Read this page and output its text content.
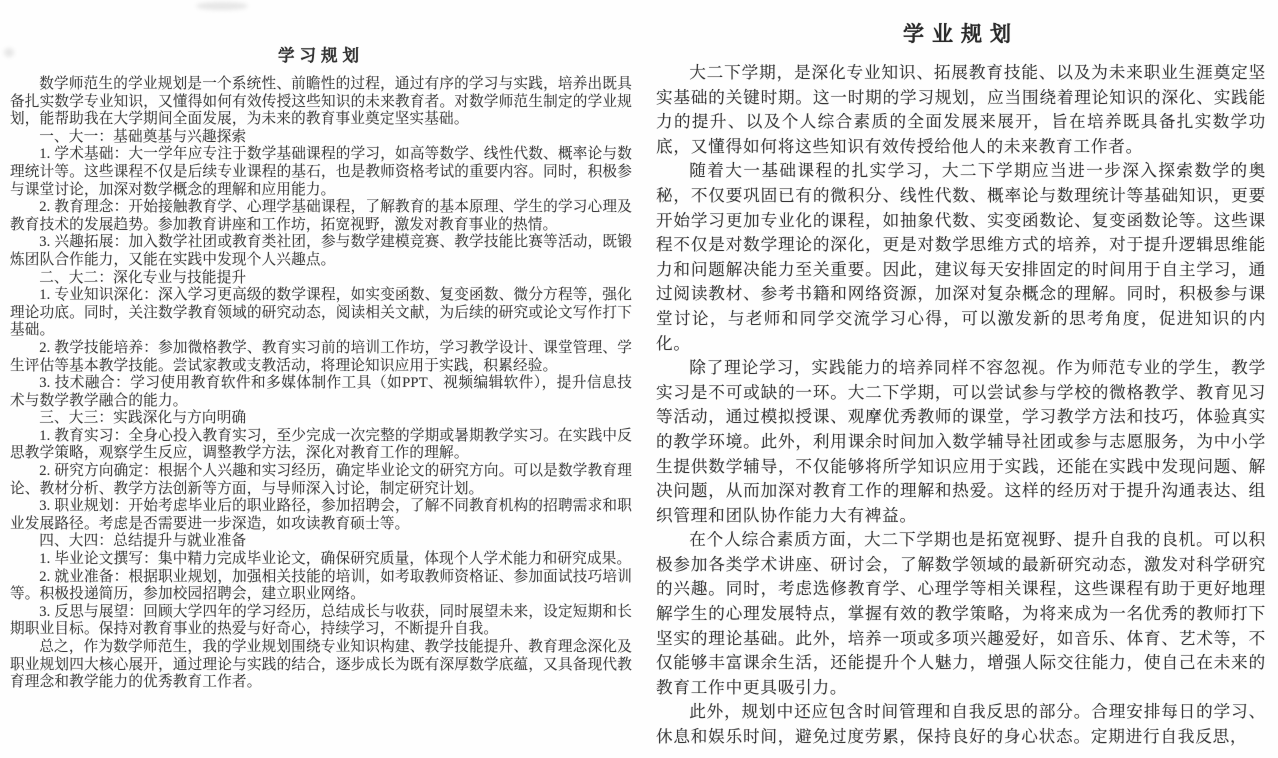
学习规划

数学师范生的学业规划是一个系统性、前瞻性的过程，通过有序的学习与实践，培养出既具备扎实数学专业知识，又懂得如何有效传授这些知识的未来教育者。对数学师范生制定的学业规划，能帮助我在大学期间全面发展，为未来的教育事业奠定坚实基础。

一、大一：基础奠基与兴趣探索

1. 学术基础：大一学年应专注于数学基础课程的学习，如高等数学、线性代数、概率论与数理统计等。这些课程不仅是后续专业课程的基石，也是教师资格考试的重要内容。同时，积极参与课堂讨论，加深对数学概念的理解和应用能力。

2. 教育理念：开始接触教育学、心理学基础课程，了解教育的基本原理、学生的学习心理及教育技术的发展趋势。参加教育讲座和工作坊，拓宽视野，激发对教育事业的热情。

3. 兴趣拓展：加入数学社团或教育类社团，参与数学建模竞赛、教学技能比赛等活动，既锻炼团队合作能力，又能在实践中发现个人兴趣点。

二、大二：深化专业与技能提升

1. 专业知识深化：深入学习更高级的数学课程，如实变函数、复变函数、微分方程等，强化理论功底。同时，关注数学教育领域的研究动态，阅读相关文献，为后续的研究或论文写作打下基础。

2. 教学技能培养：参加微格教学、教育实习前的培训工作坊，学习教学设计、课堂管理、学生评估等基本教学技能。尝试家教或支教活动，将理论知识应用于实践，积累经验。

3. 技术融合：学习使用教育软件和多媒体制作工具（如PPT、视频编辑软件），提升信息技术与数学教学融合的能力。

三、大三：实践深化与方向明确

1. 教育实习：全身心投入教育实习，至少完成一次完整的学期或暑期教学实习。在实践中反思教学策略，观察学生反应，调整教学方法，深化对教育工作的理解。

2. 研究方向确定：根据个人兴趣和实习经历，确定毕业论文的研究方向。可以是数学教育理论、教材分析、教学方法创新等方面，与导师深入讨论，制定研究计划。

3. 职业规划：开始考虑毕业后的职业路径，参加招聘会，了解不同教育机构的招聘需求和职业发展路径。考虑是否需要进一步深造，如攻读教育硕士等。

四、大四：总结提升与就业准备

1. 毕业论文撰写：集中精力完成毕业论文，确保研究质量，体现个人学术能力和研究成果。

2. 就业准备：根据职业规划，加强相关技能的培训，如考取教师资格证、参加面试技巧培训等。积极投递简历，参加校园招聘会，建立职业网络。

3. 反思与展望：回顾大学四年的学习经历，总结成长与收获，同时展望未来，设定短期和长期职业目标。保持对教育事业的热爱与好奇心，持续学习，不断提升自我。

总之，作为数学师范生，我的学业规划围绕专业知识构建、教学技能提升、教育理念深化及职业规划四大核心展开，通过理论与实践的结合，逐步成长为既有深厚数学底蕴，又具备现代教育理念和教学能力的优秀教育工作者。

学业规划

大二下学期，是深化专业知识、拓展教育技能、以及为未来职业生涯奠定坚实基础的关键时期。这一时期的学习规划，应当围绕着理论知识的深化、实践能力的提升、以及个人综合素质的全面发展来展开，旨在培养既具备扎实数学功底，又懂得如何将这些知识有效传授给他人的未来教育工作者。

随着大一基础课程的扎实学习，大二下学期应当进一步深入探索数学的奥秘，不仅要巩固已有的微积分、线性代数、概率论与数理统计等基础知识，更要开始学习更加专业化的课程，如抽象代数、实变函数论、复变函数论等。这些课程不仅是对数学理论的深化，更是对数学思维方式的培养，对于提升逻辑思维能力和问题解决能力至关重要。因此，建议每天安排固定的时间用于自主学习，通过阅读教材、参考书籍和网络资源，加深对复杂概念的理解。同时，积极参与课堂讨论，与老师和同学交流学习心得，可以激发新的思考角度，促进知识的内化。

除了理论学习，实践能力的培养同样不容忽视。作为师范专业的学生，教学实习是不可或缺的一环。大二下学期，可以尝试参与学校的微格教学、教育见习等活动，通过模拟授课、观摩优秀教师的课堂，学习教学方法和技巧，体验真实的教学环境。此外，利用课余时间加入数学辅导社团或参与志愿服务，为中小学生提供数学辅导，不仅能够将所学知识应用于实践，还能在实践中发现问题、解决问题，从而加深对教育工作的理解和热爱。这样的经历对于提升沟通表达、组织管理和团队协作能力大有裨益。

在个人综合素质方面，大二下学期也是拓宽视野、提升自我的良机。可以积极参加各类学术讲座、研讨会，了解数学领域的最新研究动态，激发对科学研究的兴趣。同时，考虑选修教育学、心理学等相关课程，这些课程有助于更好地理解学生的心理发展特点，掌握有效的教学策略，为将来成为一名优秀的教师打下坚实的理论基础。此外，培养一项或多项兴趣爱好，如音乐、体育、艺术等，不仅能够丰富课余生活，还能提升个人魅力，增强人际交往能力，使自己在未来的教育工作中更具吸引力。

此外，规划中还应包含时间管理和自我反思的部分。合理安排每日的学习、休息和娱乐时间，避免过度劳累，保持良好的身心状态。定期进行自我反思，
